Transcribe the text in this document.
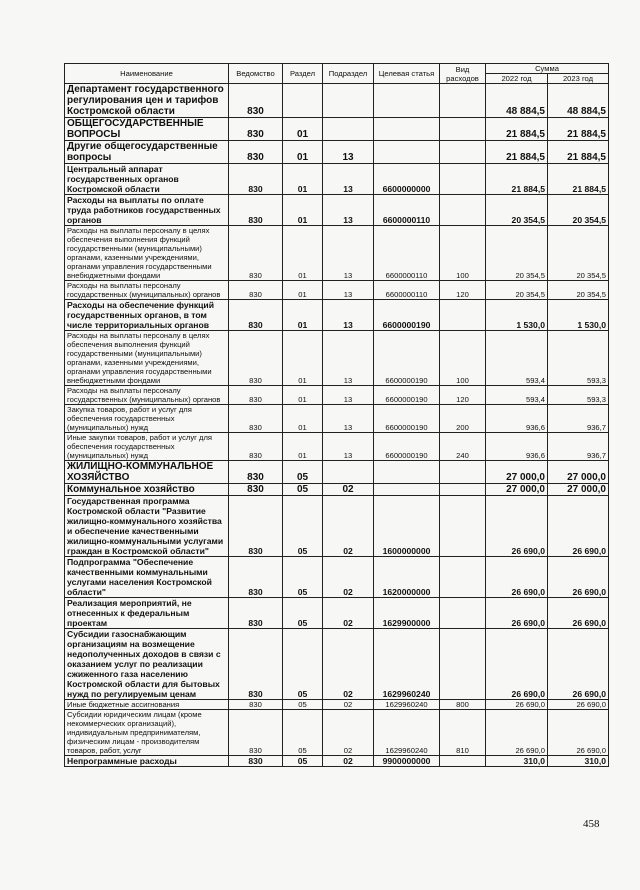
Наименование	Ведомство	Раздел	Подраздел	Целевая статья	Вид расходов	Сумма	
						2022 год	2023 год
Департамент государственного регулирования цен и тарифов Костромской области	830					48 884,5	48 884,5
ОБЩЕГОСУДАРСТВЕННЫЕ ВОПРОСЫ	830	01				21 884,5	21 884,5
Другие общегосударственные вопросы	830	01	13			21 884,5	21 884,5
Центральный аппарат государственных органов Костромской области	830	01	13	6600000000		21 884,5	21 884,5
Расходы на выплаты по оплате труда работников государственных органов	830	01	13	6600000110		20 354,5	20 354,5
Расходы на выплаты персоналу в целях обеспечения выполнения функций государственными (муниципальными) органами, казенными учреждениями, органами управления государственными внебюджетными фондами	830	01	13	6600000110	100	20 354,5	20 354,5
Расходы на выплаты персоналу государственных (муниципальных) органов	830	01	13	6600000110	120	20 354,5	20 354,5
Расходы на обеспечение функций государственных органов, в том числе территориальных органов	830	01	13	6600000190		1 530,0	1 530,0
Расходы на выплаты персоналу в целях обеспечения выполнения функций государственными (муниципальными) органами, казенными учреждениями, органами управления государственными внебюджетными фондами	830	01	13	6600000190	100	593,4	593,3
Расходы на выплаты персоналу государственных (муниципальных) органов	830	01	13	6600000190	120	593,4	593,3
Закупка товаров, работ и услуг для обеспечения государственных (муниципальных) нужд	830	01	13	6600000190	200	936,6	936,7
Иные закупки товаров, работ и услуг для обеспечения государственных (муниципальных) нужд	830	01	13	6600000190	240	936,6	936,7
ЖИЛИЩНО-КОММУНАЛЬНОЕ ХОЗЯЙСТВО	830	05				27 000,0	27 000,0
Коммунальное хозяйство	830	05	02			27 000,0	27 000,0
Государственная программа Костромской области "Развитие жилищно-коммунального хозяйства и обеспечение качественными жилищно-коммунальными услугами граждан в Костромской области"	830	05	02	1600000000		26 690,0	26 690,0
Подпрограмма "Обеспечение качественными коммунальными услугами населения Костромской области"	830	05	02	1620000000		26 690,0	26 690,0
Реализация мероприятий, не отнесенных к федеральным проектам	830	05	02	1629900000		26 690,0	26 690,0
Субсидии газоснабжающим организациям на возмещение недополученных доходов в связи с оказанием услуг по реализации сжиженного газа населению Костромской области для бытовых нужд по регулируемым ценам	830	05	02	1629960240		26 690,0	26 690,0
Иные бюджетные ассигнования	830	05	02	1629960240	800	26 690,0	26 690,0
Субсидии юридическим лицам (кроме некоммерческих организаций), индивидуальным предпринимателям, физическим лицам - производителям товаров, работ, услуг	830	05	02	1629960240	810	26 690,0	26 690,0
Непрограммные расходы	830	05	02	9900000000		310,0	310,0
458
